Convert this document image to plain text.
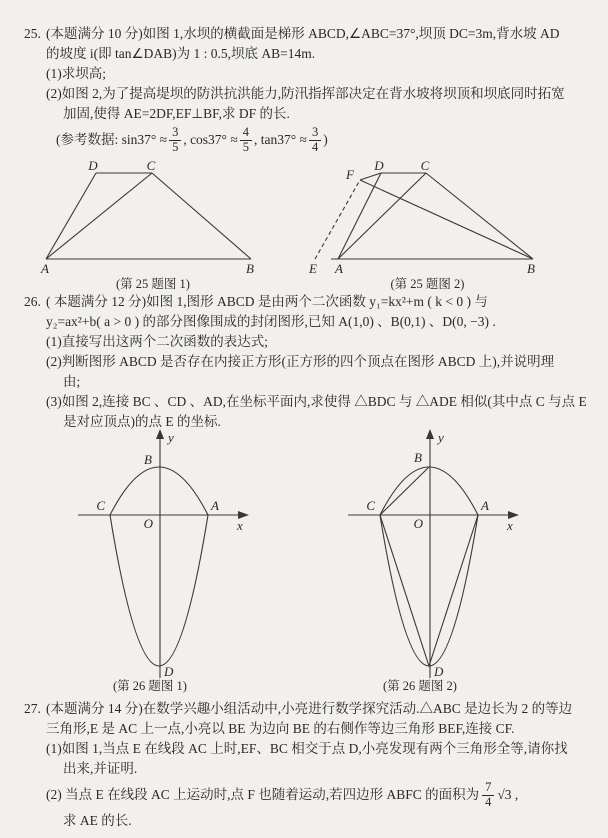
25. (本题满分 10 分)如图 1,水坝的横截面是梯形 ABCD,∠ABC=37°,坝顶 DC=3m,背水坡 AD
的坡度 i(即 tan∠DAB)为 1 : 0.5,坝底 AB=14m.
(1)求坝高;
(2)如图 2,为了提高堤坝的防洪抗洪能力,防汛指挥部决定在背水坡将坝顶和坝底同时拓宽
加固,使得 AE=2DF,EF⊥BF,求 DF 的长.
(参考数据: $\sin 37^\circ \approx \frac{3}{5}$ , $\cos 37^\circ \approx \frac{4}{5}$ , $\tan 37^\circ \approx \frac{3}{4}$ )
D	C
A	B
(第 25 题图 1)
E A	B
D	C
F
(第 25 题图 2)
26. ( 本题满分 12 分)如图 1,图形 ABCD 是由两个二次函数 y₁=kx²+m ( k < 0 ) 与
y₂=ax²+b( a > 0 ) 的部分图像围成的封闭图形,已知 A(1,0) 、B(0,1) 、D(0, −3) .
(1)直接写出这两个二次函数的表达式;
(2)判断图形 ABCD 是否存在内接正方形(正方形的四个顶点在图形 ABCD 上),并说明理
由;
(3)如图 2,连接 BC 、CD 、AD,在坐标平面内,求使得 △BDC 与 △ADE 相似(其中点 C 与点 E
是对应顶点)的点 E 的坐标.
y
x
O
B
C	A
D
(第 26 题图 1)
y
x
O
B
C	A
D
(第 26 题图 2)
27. (本题满分 14 分)在数学兴趣小组活动中,小亮进行数学探究活动.△ABC 是边长为 2 的等边
三角形,E 是 AC 上一点,小亮以 BE 为边向 BE 的右侧作等边三角形 BEF,连接 CF.
(1)如图 1,当点 E 在线段 AC 上时,EF、BC 相交于点 D,小亮发现有两个三角形全等,请你找
出来,并证明.
(2) 当点 E 在线段 AC 上运动时,点 F 也随着运动,若四边形 ABFC 的面积为 $\frac{7}{4} √3$ ,
求 AE 的长.
